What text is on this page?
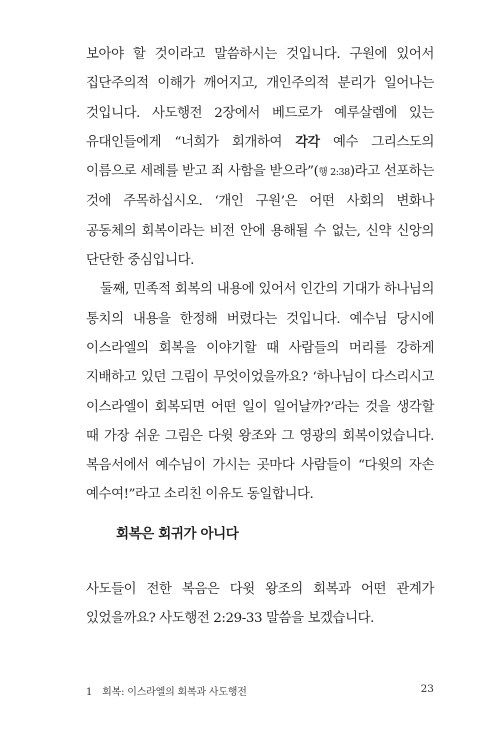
보아야 할 것이라고 말씀하시는 것입니다. 구원에 있어서 집단주의적 이해가 깨어지고, 개인주의적 분리가 일어나는 것입니다. 사도행전 2장에서 베드로가 예루살렘에 있는 유대인들에게 “너희가 회개하여 각각 예수 그리스도의 이름으로 세례를 받고 죄 사함을 받으라”(행 2:38)라고 선포하는 것에 주목하십시오. ‘개인 구원’은 어떤 사회의 변화나 공동체의 회복이라는 비전 안에 용해될 수 없는, 신약 신앙의 단단한 중심입니다.

둘째, 민족적 회복의 내용에 있어서 인간의 기대가 하나님의 통치의 내용을 한정해 버렸다는 것입니다. 예수님 당시에 이스라엘의 회복을 이야기할 때 사람들의 머리를 강하게 지배하고 있던 그림이 무엇이었을까요? ‘하나님이 다스리시고 이스라엘이 회복되면 어떤 일이 일어날까?’라는 것을 생각할 때 가장 쉬운 그림은 다윗 왕조와 그 영광의 회복이었습니다. 복음서에서 예수님이 가시는 곳마다 사람들이 “다윗의 자손 예수여!”라고 소리친 이유도 동일합니다.

회복은 회귀가 아니다

사도들이 전한 복음은 다윗 왕조의 회복과 어떤 관계가 있었을까요? 사도행전 2:29-33 말씀을 보겠습니다.

1 회복: 이스라엘의 회복과 사도행전	23
